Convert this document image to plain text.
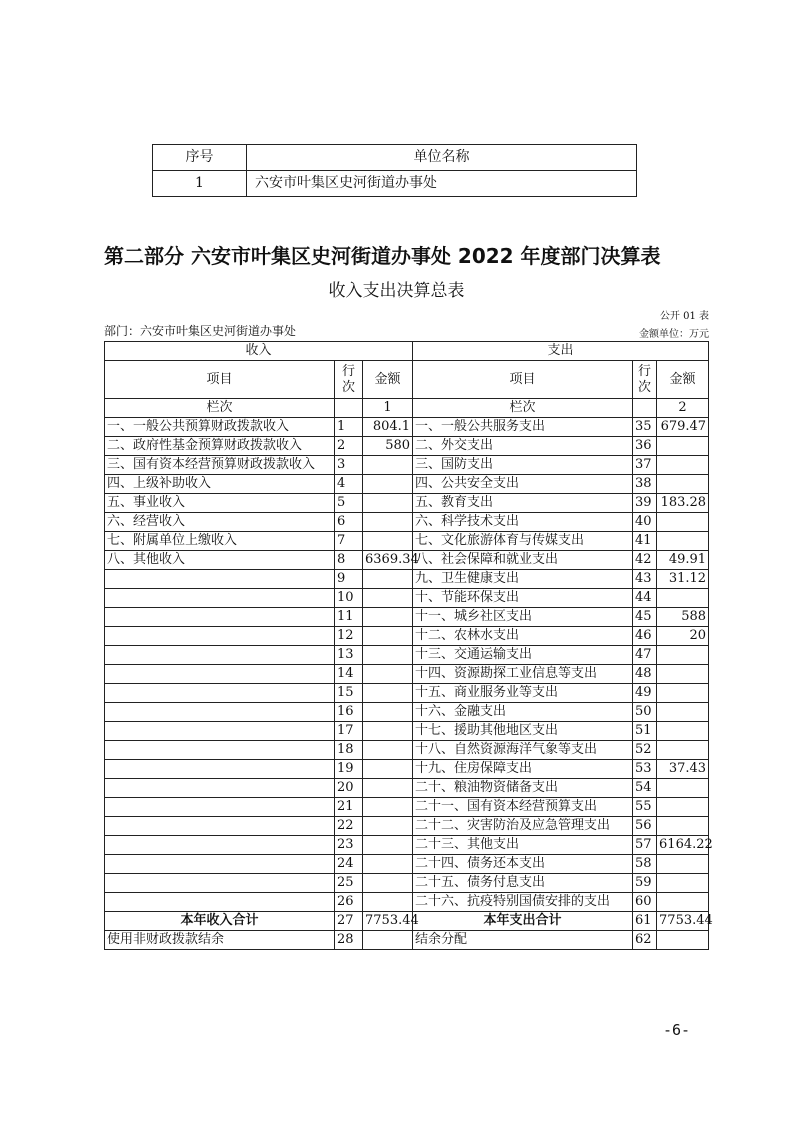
序号	单位名称
1	六安市叶集区史河街道办事处
第二部分 六安市叶集区史河街道办事处 2022 年度部门决算表
收入支出决算总表
公开 01 表
部门：六安市叶集区史河街道办事处	金额单位：万元
收入			支出		
项目	行次	金额	项目	行次	金额
栏次		1	栏次		2
一、一般公共预算财政拨款收入	1	804.1	一、一般公共服务支出	35	679.47
二、政府性基金预算财政拨款收入	2	580	二、外交支出	36	
三、国有资本经营预算财政拨款收入	3		三、国防支出	37	
四、上级补助收入	4		四、公共安全支出	38	
五、事业收入	5		五、教育支出	39	183.28
六、经营收入	6		六、科学技术支出	40	
七、附属单位上缴收入	7		七、文化旅游体育与传媒支出	41	
八、其他收入	8	6369.34	八、社会保障和就业支出	42	49.91
	9		九、卫生健康支出	43	31.12
	10		十、节能环保支出	44	
	11		十一、城乡社区支出	45	588
	12		十二、农林水支出	46	20
	13		十三、交通运输支出	47	
	14		十四、资源勘探工业信息等支出	48	
	15		十五、商业服务业等支出	49	
	16		十六、金融支出	50	
	17		十七、援助其他地区支出	51	
	18		十八、自然资源海洋气象等支出	52	
	19		十九、住房保障支出	53	37.43
	20		二十、粮油物资储备支出	54	
	21		二十一、国有资本经营预算支出	55	
	22		二十二、灾害防治及应急管理支出	56	
	23		二十三、其他支出	57	6164.22
	24		二十四、债务还本支出	58	
	25		二十五、债务付息支出	59	
	26		二十六、抗疫特别国债安排的支出	60	
本年收入合计	27	7753.44	本年支出合计	61	7753.44
使用非财政拨款结余	28		结余分配	62	
-6-
